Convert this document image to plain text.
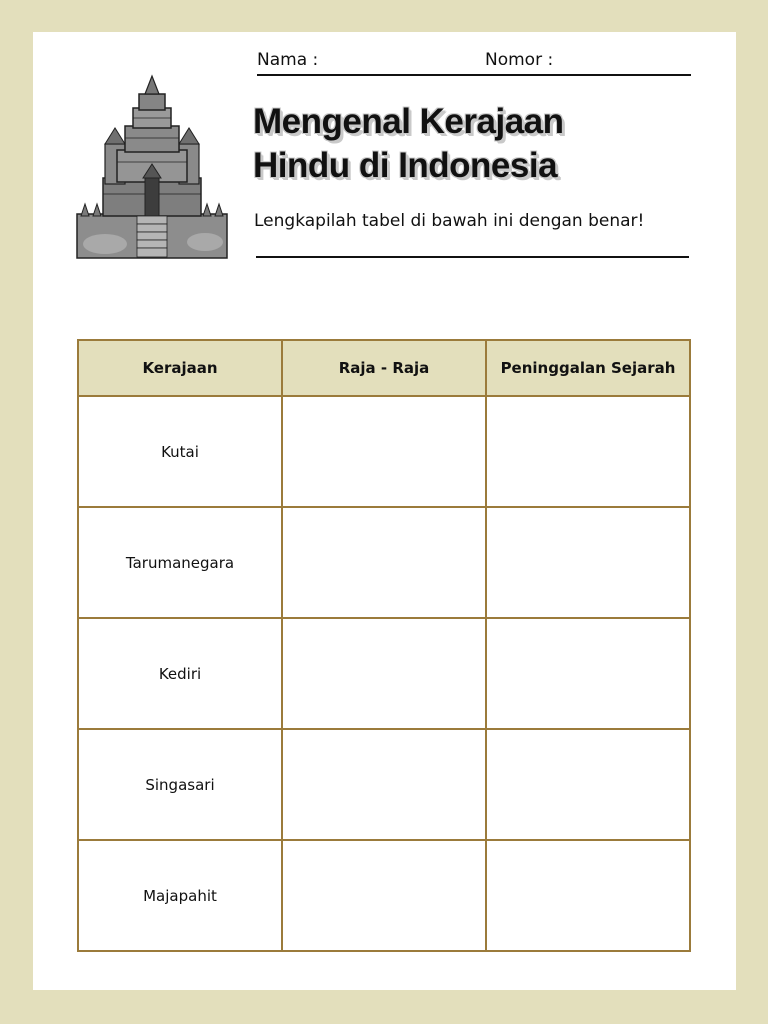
Nama :	Nomor :
Mengenal Kerajaan
Hindu di Indonesia
Lengkapilah tabel di bawah ini dengan benar!
Kerajaan	Raja - Raja	Peninggalan Sejarah
Kutai		
Tarumanegara		
Kediri		
Singasari		
Majapahit		
